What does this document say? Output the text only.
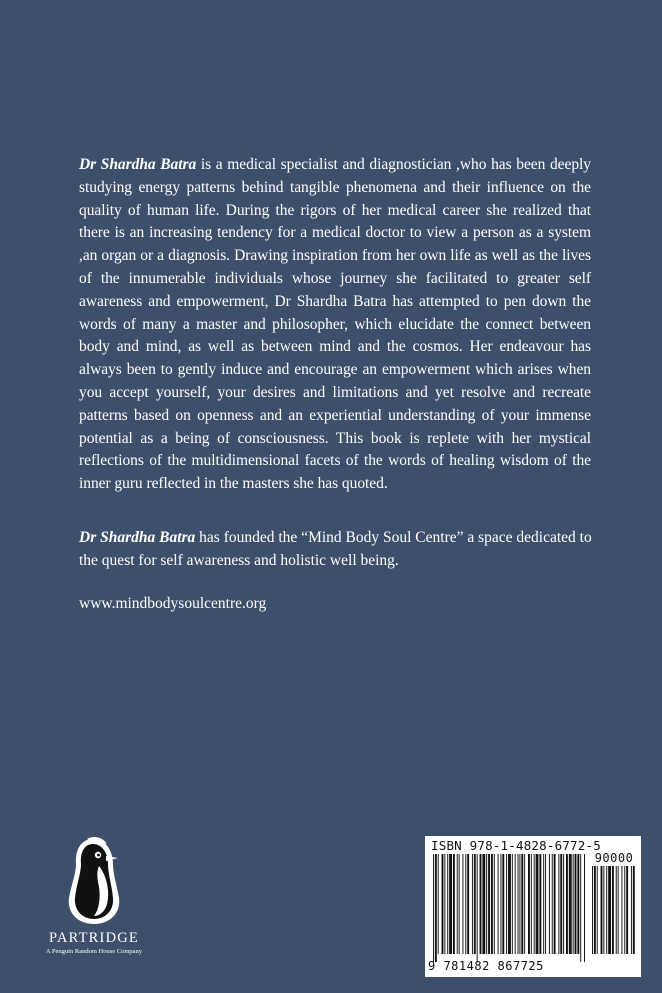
Dr Shardha Batra is a medical specialist and diagnostician ,who has been deeply studying energy patterns behind tangible phenomena and their influence on the quality of human life. During the rigors of her medical career she realized that there is an increasing tendency for a medical doctor to view a person as a system ,an organ or a diagnosis. Drawing inspiration from her own life as well as the lives of the innumerable individuals whose journey she facilitated to greater self awareness and empowerment, Dr Shardha Batra has attempted to pen down the words of many a master and philosopher, which elucidate the connect between body and mind, as well as between mind and the cosmos. Her endeavour has always been to gently induce and encourage an empowerment which arises when you accept yourself, your desires and limitations and yet resolve and recreate patterns based on openness and an experiential understanding of your immense potential as a being of consciousness. This book is replete with her mystical reflections of the multidimensional facets of the words of healing wisdom of the inner guru reflected in the masters she has quoted.

Dr Shardha Batra has founded the “Mind Body Soul Centre” a space dedicated to the quest for self awareness and holistic well being.

www.mindbodysoulcentre.org

PARTRIDGE
A Penguin Random House Company
ISBN 978-1-4828-6772-5
90000
9 781482 867725
